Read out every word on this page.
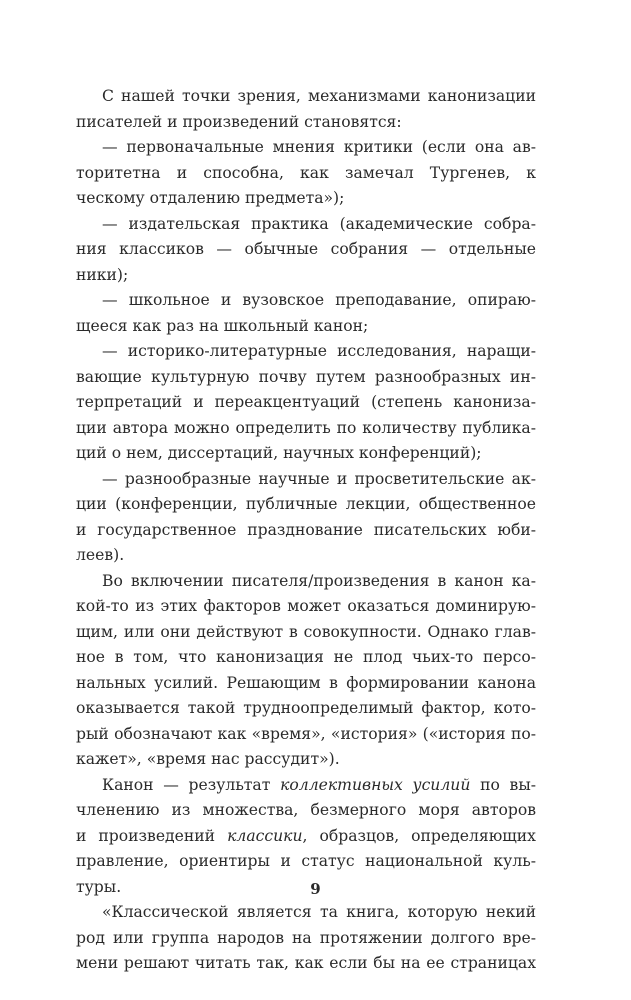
С нашей точки зрения, механизмами канонизации
писателей и произведений становятся:
— первоначальные мнения критики (если она ав-
торитетна и способна, как замечал Тургенев, к
ческому отдалению предмета»);
— издательская практика (академические собра-
ния классиков — обычные собрания — отдельные
ники);
— школьное и вузовское преподавание, опираю-
щееся как раз на школьный канон;
— историко-литературные исследования, наращи-
вающие культурную почву путем разнообразных ин-
терпретаций и переакцентуаций (степень канониза-
ции автора можно определить по количеству публика-
ций о нем, диссертаций, научных конференций);
— разнообразные научные и просветительские ак-
ции (конференции, публичные лекции, общественное
и государственное празднование писательских юби-
леев).
Во включении писателя/произведения в канон ка-
кой-то из этих факторов может оказаться доминирую-
щим, или они действуют в совокупности. Однако глав-
ное в том, что канонизация не плод чьих-то персо-
нальных усилий. Решающим в формировании канона
оказывается такой трудноопределимый фактор, кото-
рый обозначают как «время», «история» («история по-
кажет», «время нас рассудит»).
Канон — результат коллективных усилий по вы-
членению из множества, безмерного моря авторов
и произведений классики, образцов, определяющих
правление, ориентиры и статус национальной куль-
туры.
«Классической является та книга, которую некий
род или группа народов на протяжении долгого вре-
мени решают читать так, как если бы на ее страницах
9
